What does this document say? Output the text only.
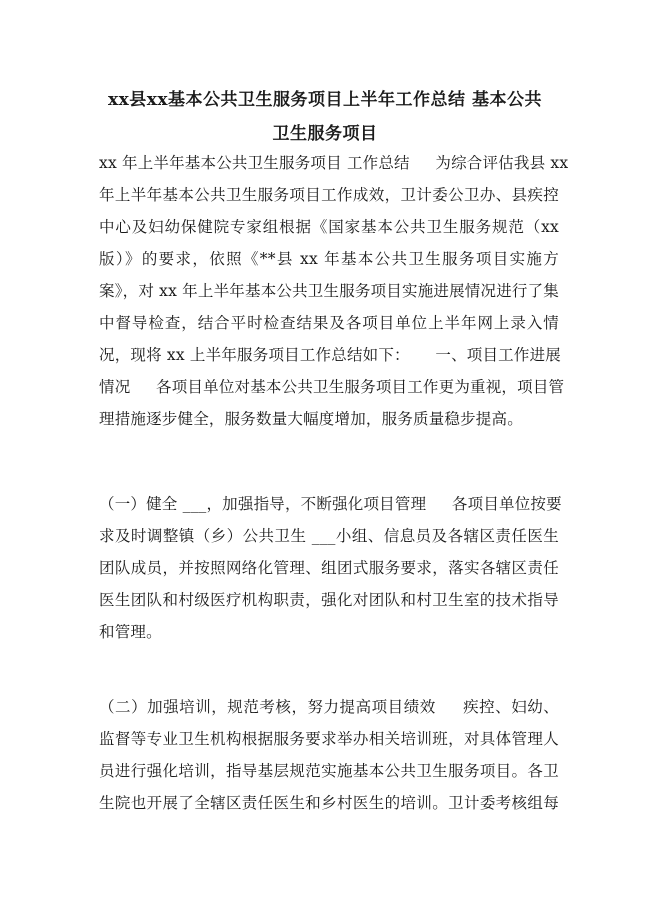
xx县xx基本公共卫生服务项目上半年工作总结 基本公共
卫生服务项目
xx 年上半年基本公共卫生服务项目 工作总结     为综合评估我县 xx
年上半年基本公共卫生服务项目工作成效，卫计委公卫办、县疾控
中心及妇幼保健院专家组根据《国家基本公共卫生服务规范（xx
版）》的要求，依照《**县 xx 年基本公共卫生服务项目实施方
案》，对 xx 年上半年基本公共卫生服务项目实施进展情况进行了集
中督导检查，结合平时检查结果及各项目单位上半年网上录入情
况，现将 xx 上半年服务项目工作总结如下：     一、项目工作进展
情况     各项目单位对基本公共卫生服务项目工作更为重视，项目管
理措施逐步健全，服务数量大幅度增加，服务质量稳步提高。
（一）健全 ___，加强指导，不断强化项目管理     各项目单位按要
求及时调整镇（乡）公共卫生 ___小组、信息员及各辖区责任医生
团队成员，并按照网络化管理、组团式服务要求，落实各辖区责任
医生团队和村级医疗机构职责，强化对团队和村卫生室的技术指导
和管理。
（二）加强培训，规范考核，努力提高项目绩效     疾控、妇幼、
监督等专业卫生机构根据服务要求举办相关培训班，对具体管理人
员进行强化培训，指导基层规范实施基本公共卫生服务项目。各卫
生院也开展了全辖区责任医生和乡村医生的培训。卫计委考核组每
